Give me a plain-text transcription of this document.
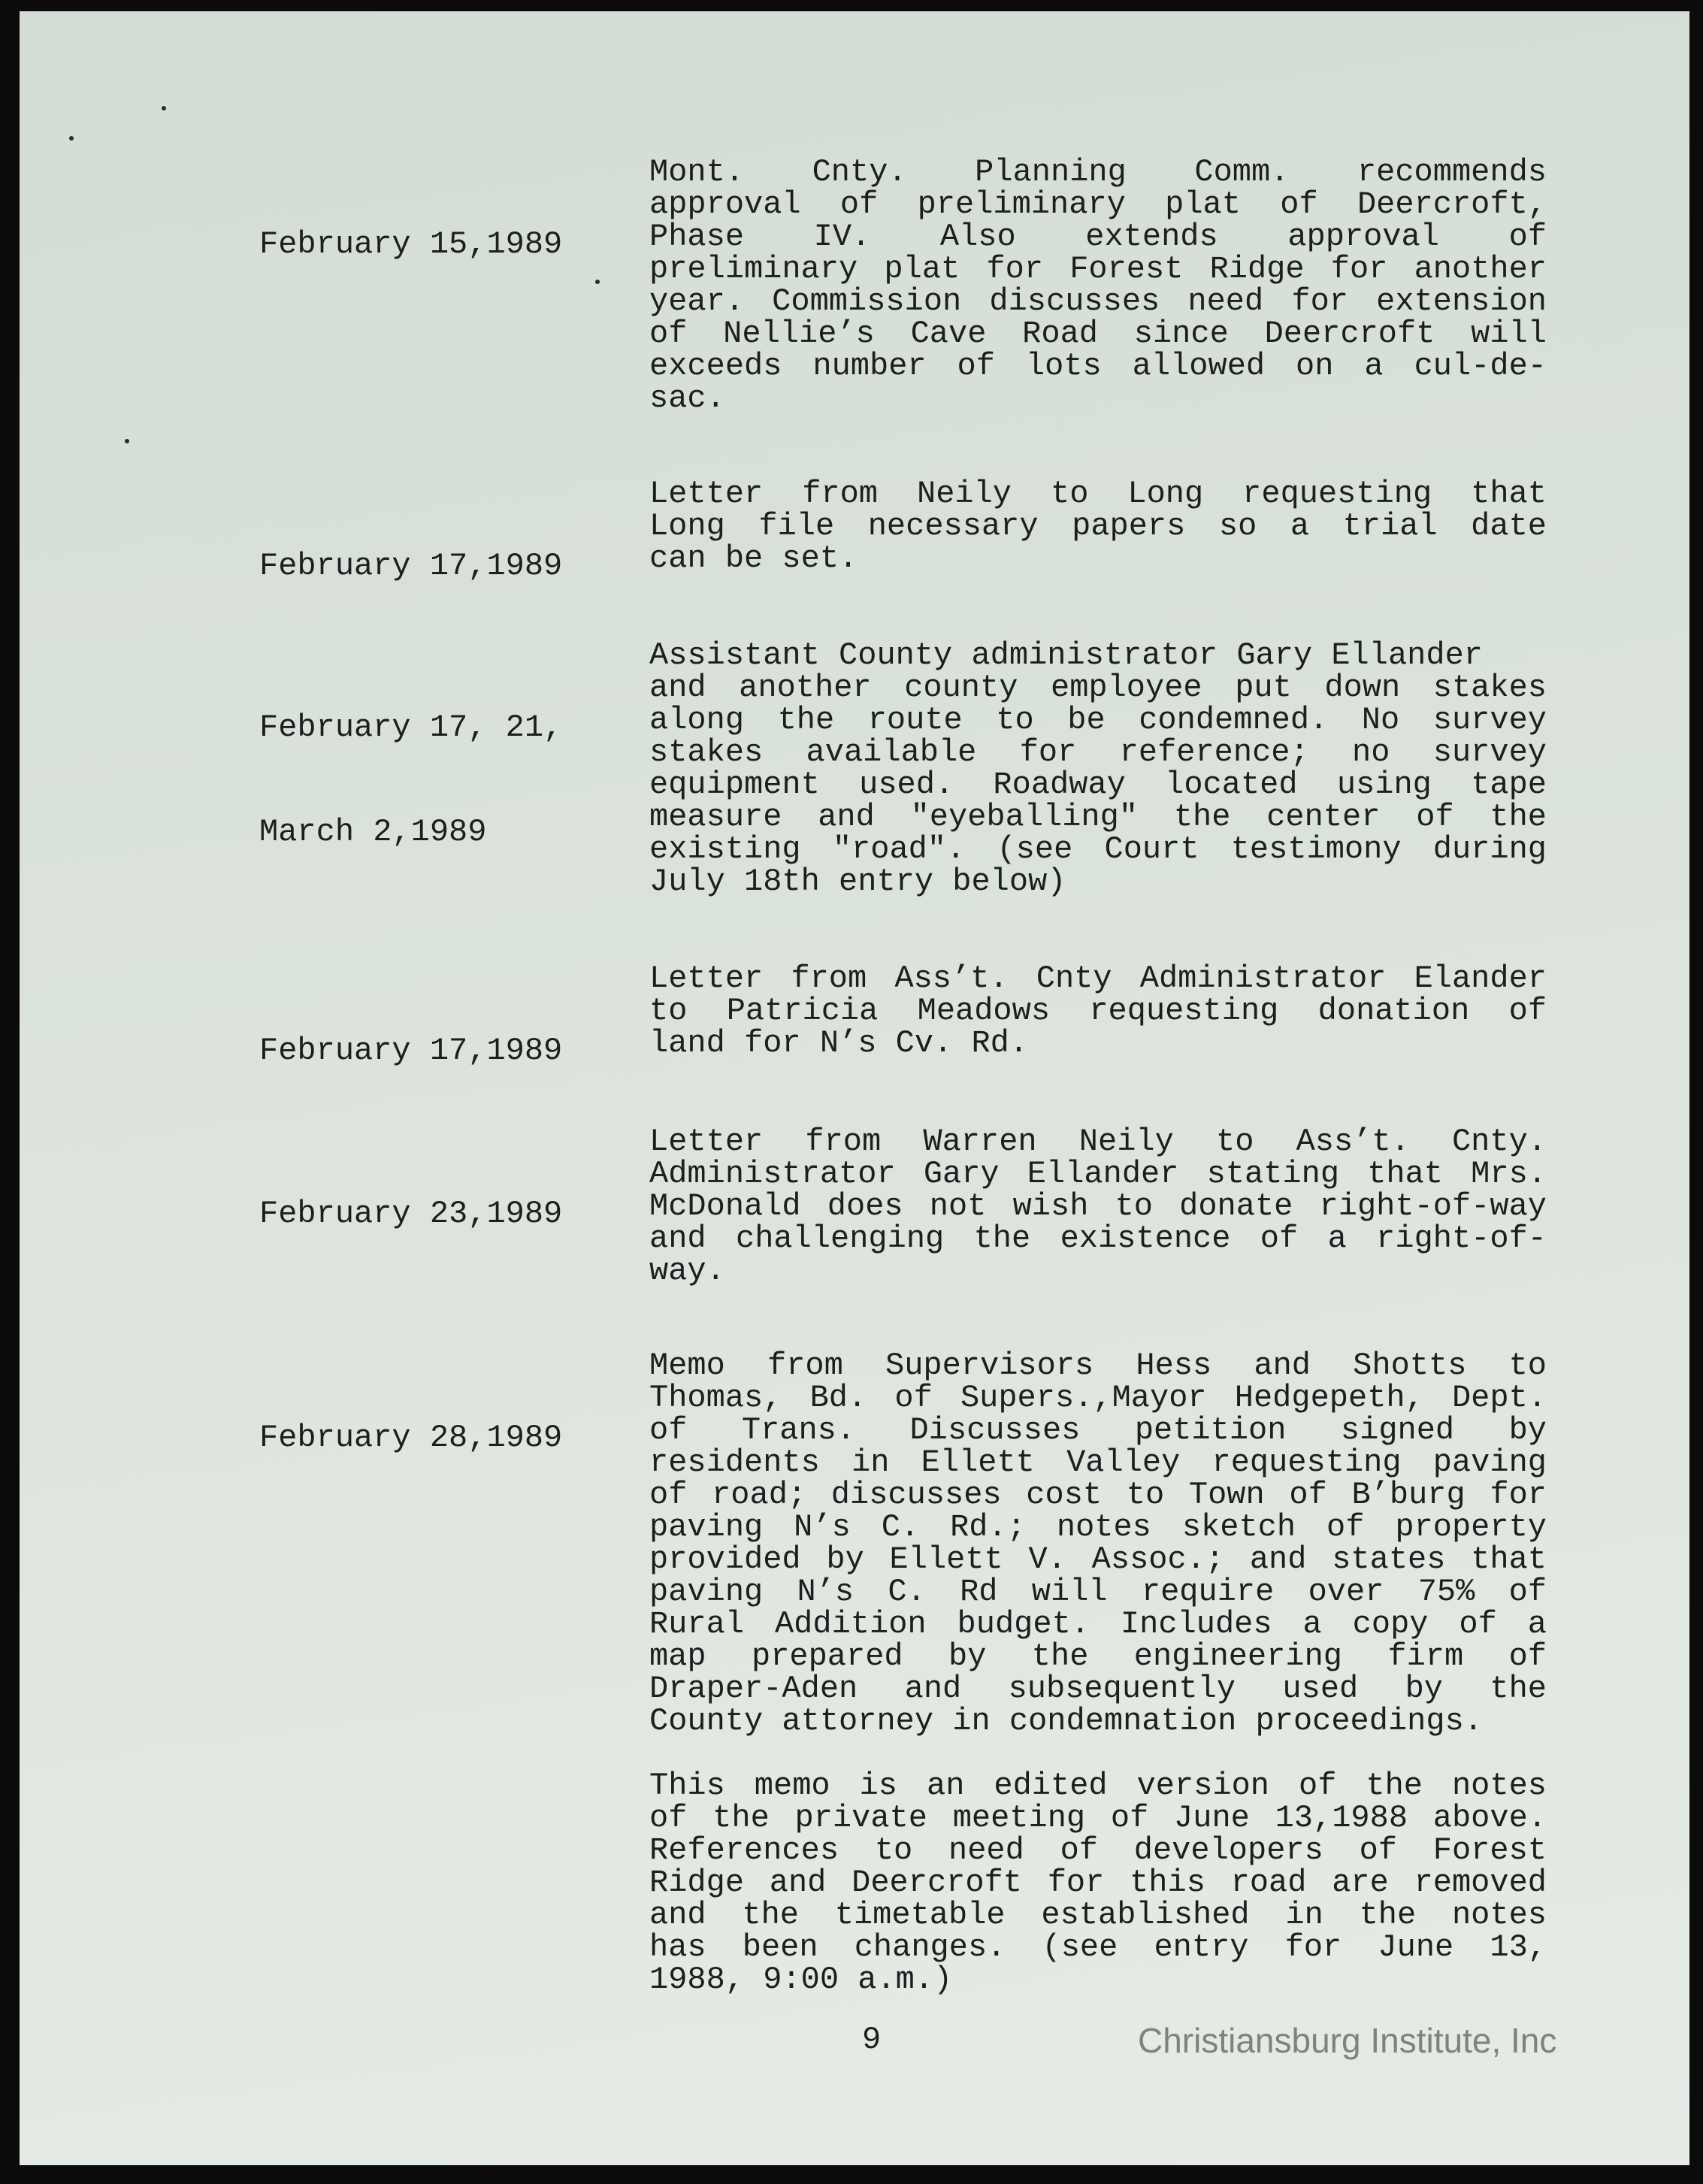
February 15,1989

Mont. Cnty. Planning Comm. recommends
approval of preliminary plat of Deercroft,
Phase IV. Also extends approval of
preliminary plat for Forest Ridge for another
year. Commission discusses need for extension
of Nellie’s Cave Road since Deercroft will
exceeds number of lots allowed on a cul-de-
sac.

February 17,1989

Letter from Neily to Long requesting that
Long file necessary papers so a trial date
can be set.

February 17, 21,

March 2,1989

Assistant County administrator Gary Ellander
and another county employee put down stakes
along the route to be condemned. No survey
stakes available for reference; no survey
equipment used. Roadway located using tape
measure and "eyeballing" the center of the
existing "road". (see Court testimony during
July 18th entry below)

February 17,1989

Letter from Ass’t. Cnty Administrator Elander
to Patricia Meadows requesting donation of
land for N’s Cv. Rd.

February 23,1989

Letter from Warren Neily to Ass’t. Cnty.
Administrator Gary Ellander stating that Mrs.
McDonald does not wish to donate right-of-way
and challenging the existence of a right-of-
way.

February 28,1989

Memo from Supervisors Hess and Shotts to
Thomas, Bd. of Supers.,Mayor Hedgepeth, Dept.
of Trans. Discusses petition signed by
residents in Ellett Valley requesting paving
of road; discusses cost to Town of B’burg for
paving N’s C. Rd.; notes sketch of property
provided by Ellett V. Assoc.; and states that
paving N’s C. Rd will require over 75% of
Rural Addition budget. Includes a copy of a
map prepared by the engineering firm of
Draper-Aden and subsequently used by the
County attorney in condemnation proceedings.
This memo is an edited version of the notes
of the private meeting of June 13,1988 above.
References to need of developers of Forest
Ridge and Deercroft for this road are removed
and the timetable established in the notes
has been changes. (see entry for June 13,
1988, 9:00 a.m.)
9	Christiansburg Institute, Inc
